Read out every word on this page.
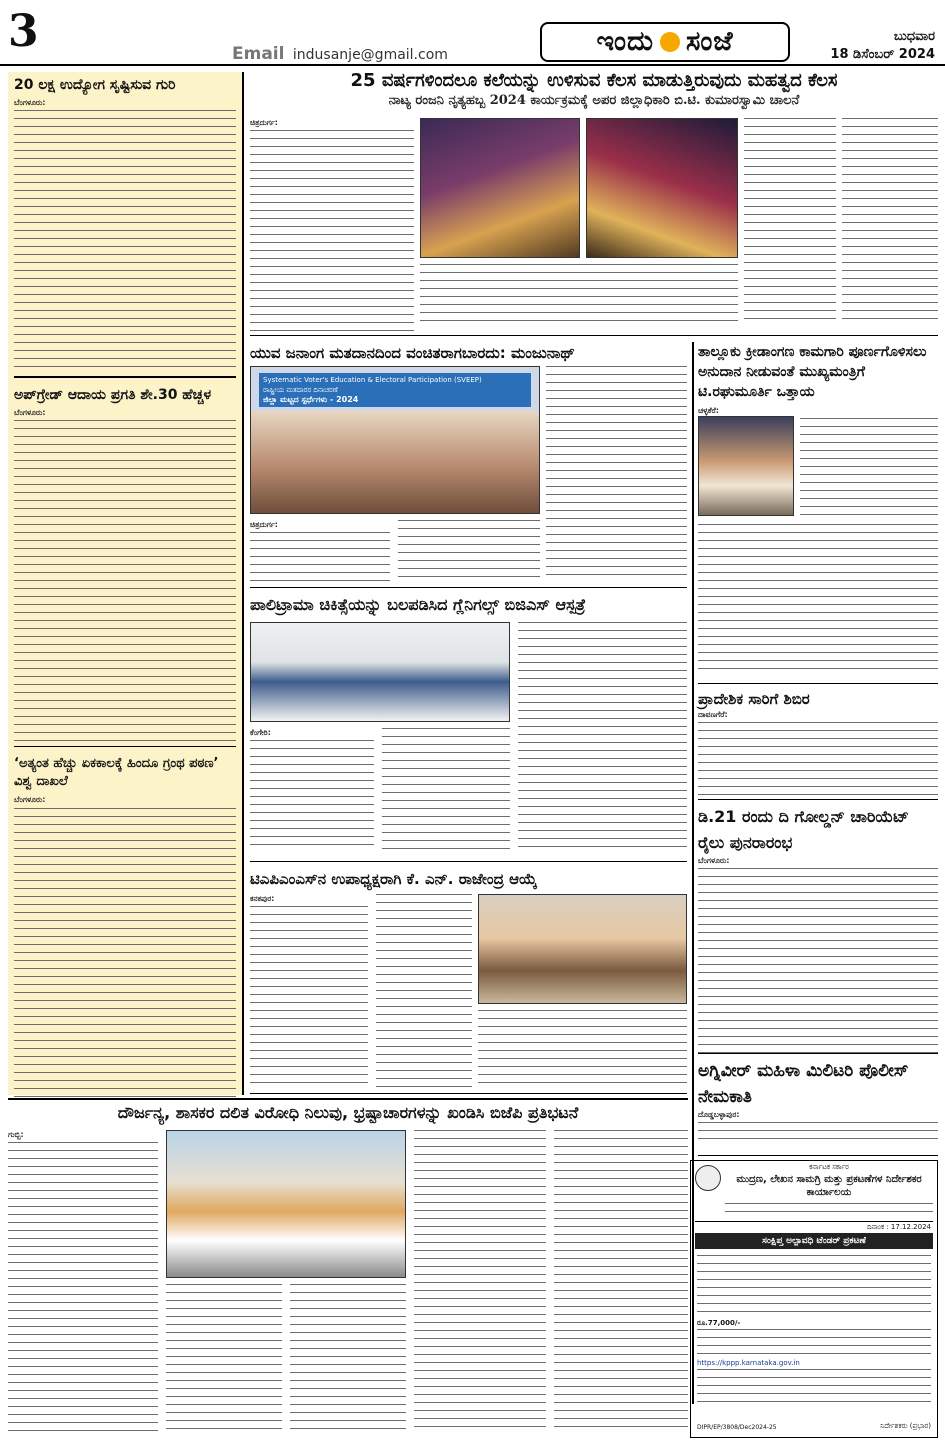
3	Email indusanje@gmail.com	ಇಂದು ಸಂಜೆ	ಬುಧವಾರ
18 ಡಿಸೆಂಬರ್ 2024
20 ಲಕ್ಷ ಉದ್ಯೋಗ ಸೃಷ್ಟಿಸುವ ಗುರಿ
ಬೆಂಗಳೂರು:
ಅಪ್‌ಗ್ರೇಡ್ ಆದಾಯ ಪ್ರಗತಿ ಶೇ.30 ಹೆಚ್ಚಳ
ಬೆಂಗಳೂರು:
‘ಅತ್ಯಂತ ಹೆಚ್ಚು ಏಕಕಾಲಕ್ಕೆ ಹಿಂದೂ ಗ್ರಂಥ ಪಠಣ’ ವಿಶ್ವ ದಾಖಲೆ
ಬೆಂಗಳೂರು:
25 ವರ್ಷಗಳಿಂದಲೂ ಕಲೆಯನ್ನು ಉಳಿಸುವ ಕೆಲಸ ಮಾಡುತ್ತಿರುವುದು ಮಹತ್ವದ ಕೆಲಸ
ನಾಟ್ಯ ರಂಜನಿ ನೃತ್ಯಹಬ್ಬ 2024 ಕಾರ್ಯಕ್ರಮಕ್ಕೆ ಅಪರ ಜಿಲ್ಲಾಧಿಕಾರಿ ಬಿ.ಟಿ. ಕುಮಾರಸ್ವಾಮಿ ಚಾಲನೆ
ಚಿತ್ರದುರ್ಗ:
ಯುವ ಜನಾಂಗ ಮತದಾನದಿಂದ ವಂಚಿತರಾಗಬಾರದು: ಮಂಜುನಾಥ್
Systematic Voter's Education & Electoral Participation (SVEEP)
ರಾಷ್ಟ್ರೀಯ ಮತದಾರರ ದಿನಾಚರಣೆ
ಜಿಲ್ಲಾ ಮಟ್ಟದ ಸ್ಪರ್ಧೆಗಳು - 2024
ಚಿತ್ರದುರ್ಗ:
ಪಾಲಿಟ್ರಾಮಾ ಚಿಕಿತ್ಸೆಯನ್ನು ಬಲಪಡಿಸಿದ ಗ್ಲೆನಿಗಲ್ಸ್ ಬಿಜಿಎಸ್ ಆಸ್ಪತ್ರೆ
ಕೆಂಗೇರಿ:
ಟಿಎಪಿಎಂಎಸ್‌ನ ಉಪಾಧ್ಯಕ್ಷರಾಗಿ ಕೆ. ಎನ್. ರಾಜೇಂದ್ರ ಆಯ್ಕೆ
ಕನಕಪುರ:
ತಾಲ್ಲೂಕು ಕ್ರೀಡಾಂಗಣ ಕಾಮಗಾರಿ ಪೂರ್ಣಗೊಳಿಸಲು ಅನುದಾನ ನೀಡುವಂತೆ ಮುಖ್ಯಮಂತ್ರಿಗೆ ಟಿ.ರಘುಮೂರ್ತಿ ಒತ್ತಾಯ
ಚಳ್ಳಕೆರೆ:
ಪ್ರಾದೇಶಿಕ ಸಾರಿಗೆ ಶಿಬಿರ
ದಾವಣಗೆರೆ:
ಡಿ.21 ರಂದು ದಿ ಗೋಲ್ಡನ್ ಚಾರಿಯೆಟ್ ರೈಲು ಪುನರಾರಂಭ
ಬೆಂಗಳೂರು:
ಅಗ್ನಿವೀರ್ ಮಹಿಳಾ ಮಿಲಿಟರಿ ಪೊಲೀಸ್ ನೇಮಕಾತಿ
ದೊಡ್ಡಬಳ್ಳಾಪುರ:
ಕರ್ನಾಟಕ ಸರ್ಕಾರ
ಮುದ್ರಣ, ಲೇಖನ ಸಾಮಗ್ರಿ ಮತ್ತು ಪ್ರಕಟಣೆಗಳ ನಿರ್ದೇಶಕರ ಕಾರ್ಯಾಲಯ
ದಿನಾಂಕ : 17.12.2024
ಸಂಕ್ಷಿಪ್ತ ಅಲ್ಪಾವಧಿ ಟೆಂಡರ್ ಪ್ರಕಟಣೆ
ರೂ.77,000/-
https://kppp.karnataka.gov.in
DIPR/EP/3808/Dec2024-25	ನಿರ್ದೇಶಕರು (ಪ್ರಭಾರ)
ದೌರ್ಜನ್ಯ, ಶಾಸಕರ ದಲಿತ ವಿರೋಧಿ ನಿಲುವು, ಭ್ರಷ್ಟಾಚಾರಗಳನ್ನು ಖಂಡಿಸಿ ಬಿಜೆಪಿ ಪ್ರತಿಭಟನೆ
ಗುಬ್ಬಿ:
